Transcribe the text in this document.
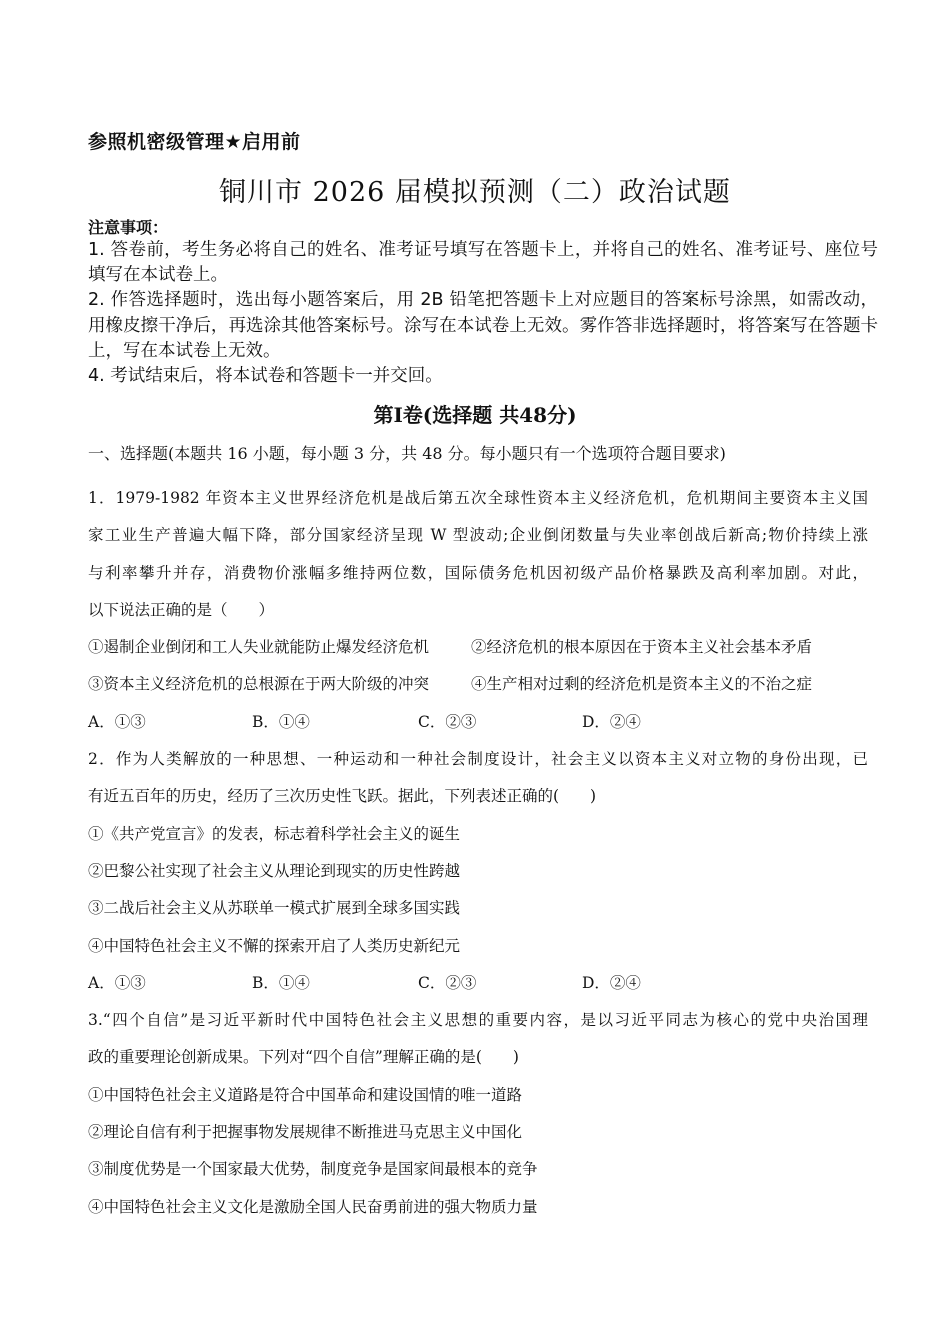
参照机密级管理★启用前
铜川市 2026 届模拟预测（二）政治试题
注意事项：
1. 答卷前，考生务必将自己的姓名、准考证号填写在答题卡上，并将自己的姓名、准考证号、座位号填写在本试卷上。
2. 作答选择题时，选出每小题答案后，用 2B 铅笔把答题卡上对应题目的答案标号涂黑，如需改动，用橡皮擦干净后，再选涂其他答案标号。涂写在本试卷上无效。雾作答非选择题时，将答案写在答题卡上，写在本试卷上无效。
4. 考试结束后，将本试卷和答题卡一并交回。
第Ⅰ卷(选择题 共48分)
一、选择题(本题共 16 小题，每小题 3 分，共 48 分。每小题只有一个选项符合题目要求)
1．1979-1982 年资本主义世界经济危机是战后第五次全球性资本主义经济危机，危机期间主要资本主义国
家工业生产普遍大幅下降，部分国家经济呈现 W 型波动;企业倒闭数量与失业率创战后新高;物价持续上涨
与利率攀升并存，消费物价涨幅多维持两位数，国际债务危机因初级产品价格暴跌及高利率加剧。对此，
以下说法正确的是（　　）
①遏制企业倒闭和工人失业就能防止爆发经济危机	②经济危机的根本原因在于资本主义社会基本矛盾
③资本主义经济危机的总根源在于两大阶级的冲突	④生产相对过剩的经济危机是资本主义的不治之症
A．①③	B．①④	C．②③	D．②④
2．作为人类解放的一种思想、一种运动和一种社会制度设计，社会主义以资本主义对立物的身份出现，已
有近五百年的历史，经历了三次历史性飞跃。据此，下列表述正确的(　　)
①《共产党宣言》的发表，标志着科学社会主义的诞生
②巴黎公社实现了社会主义从理论到现实的历史性跨越
③二战后社会主义从苏联单一模式扩展到全球多国实践
④中国特色社会主义不懈的探索开启了人类历史新纪元
A．①③	B．①④	C．②③	D．②④
3.“四个自信”是习近平新时代中国特色社会主义思想的重要内容，是以习近平同志为核心的党中央治国理
政的重要理论创新成果。下列对“四个自信”理解正确的是(　　)
①中国特色社会主义道路是符合中国革命和建设国情的唯一道路
②理论自信有利于把握事物发展规律不断推进马克思主义中国化
③制度优势是一个国家最大优势，制度竞争是国家间最根本的竞争
④中国特色社会主义文化是激励全国人民奋勇前进的强大物质力量
